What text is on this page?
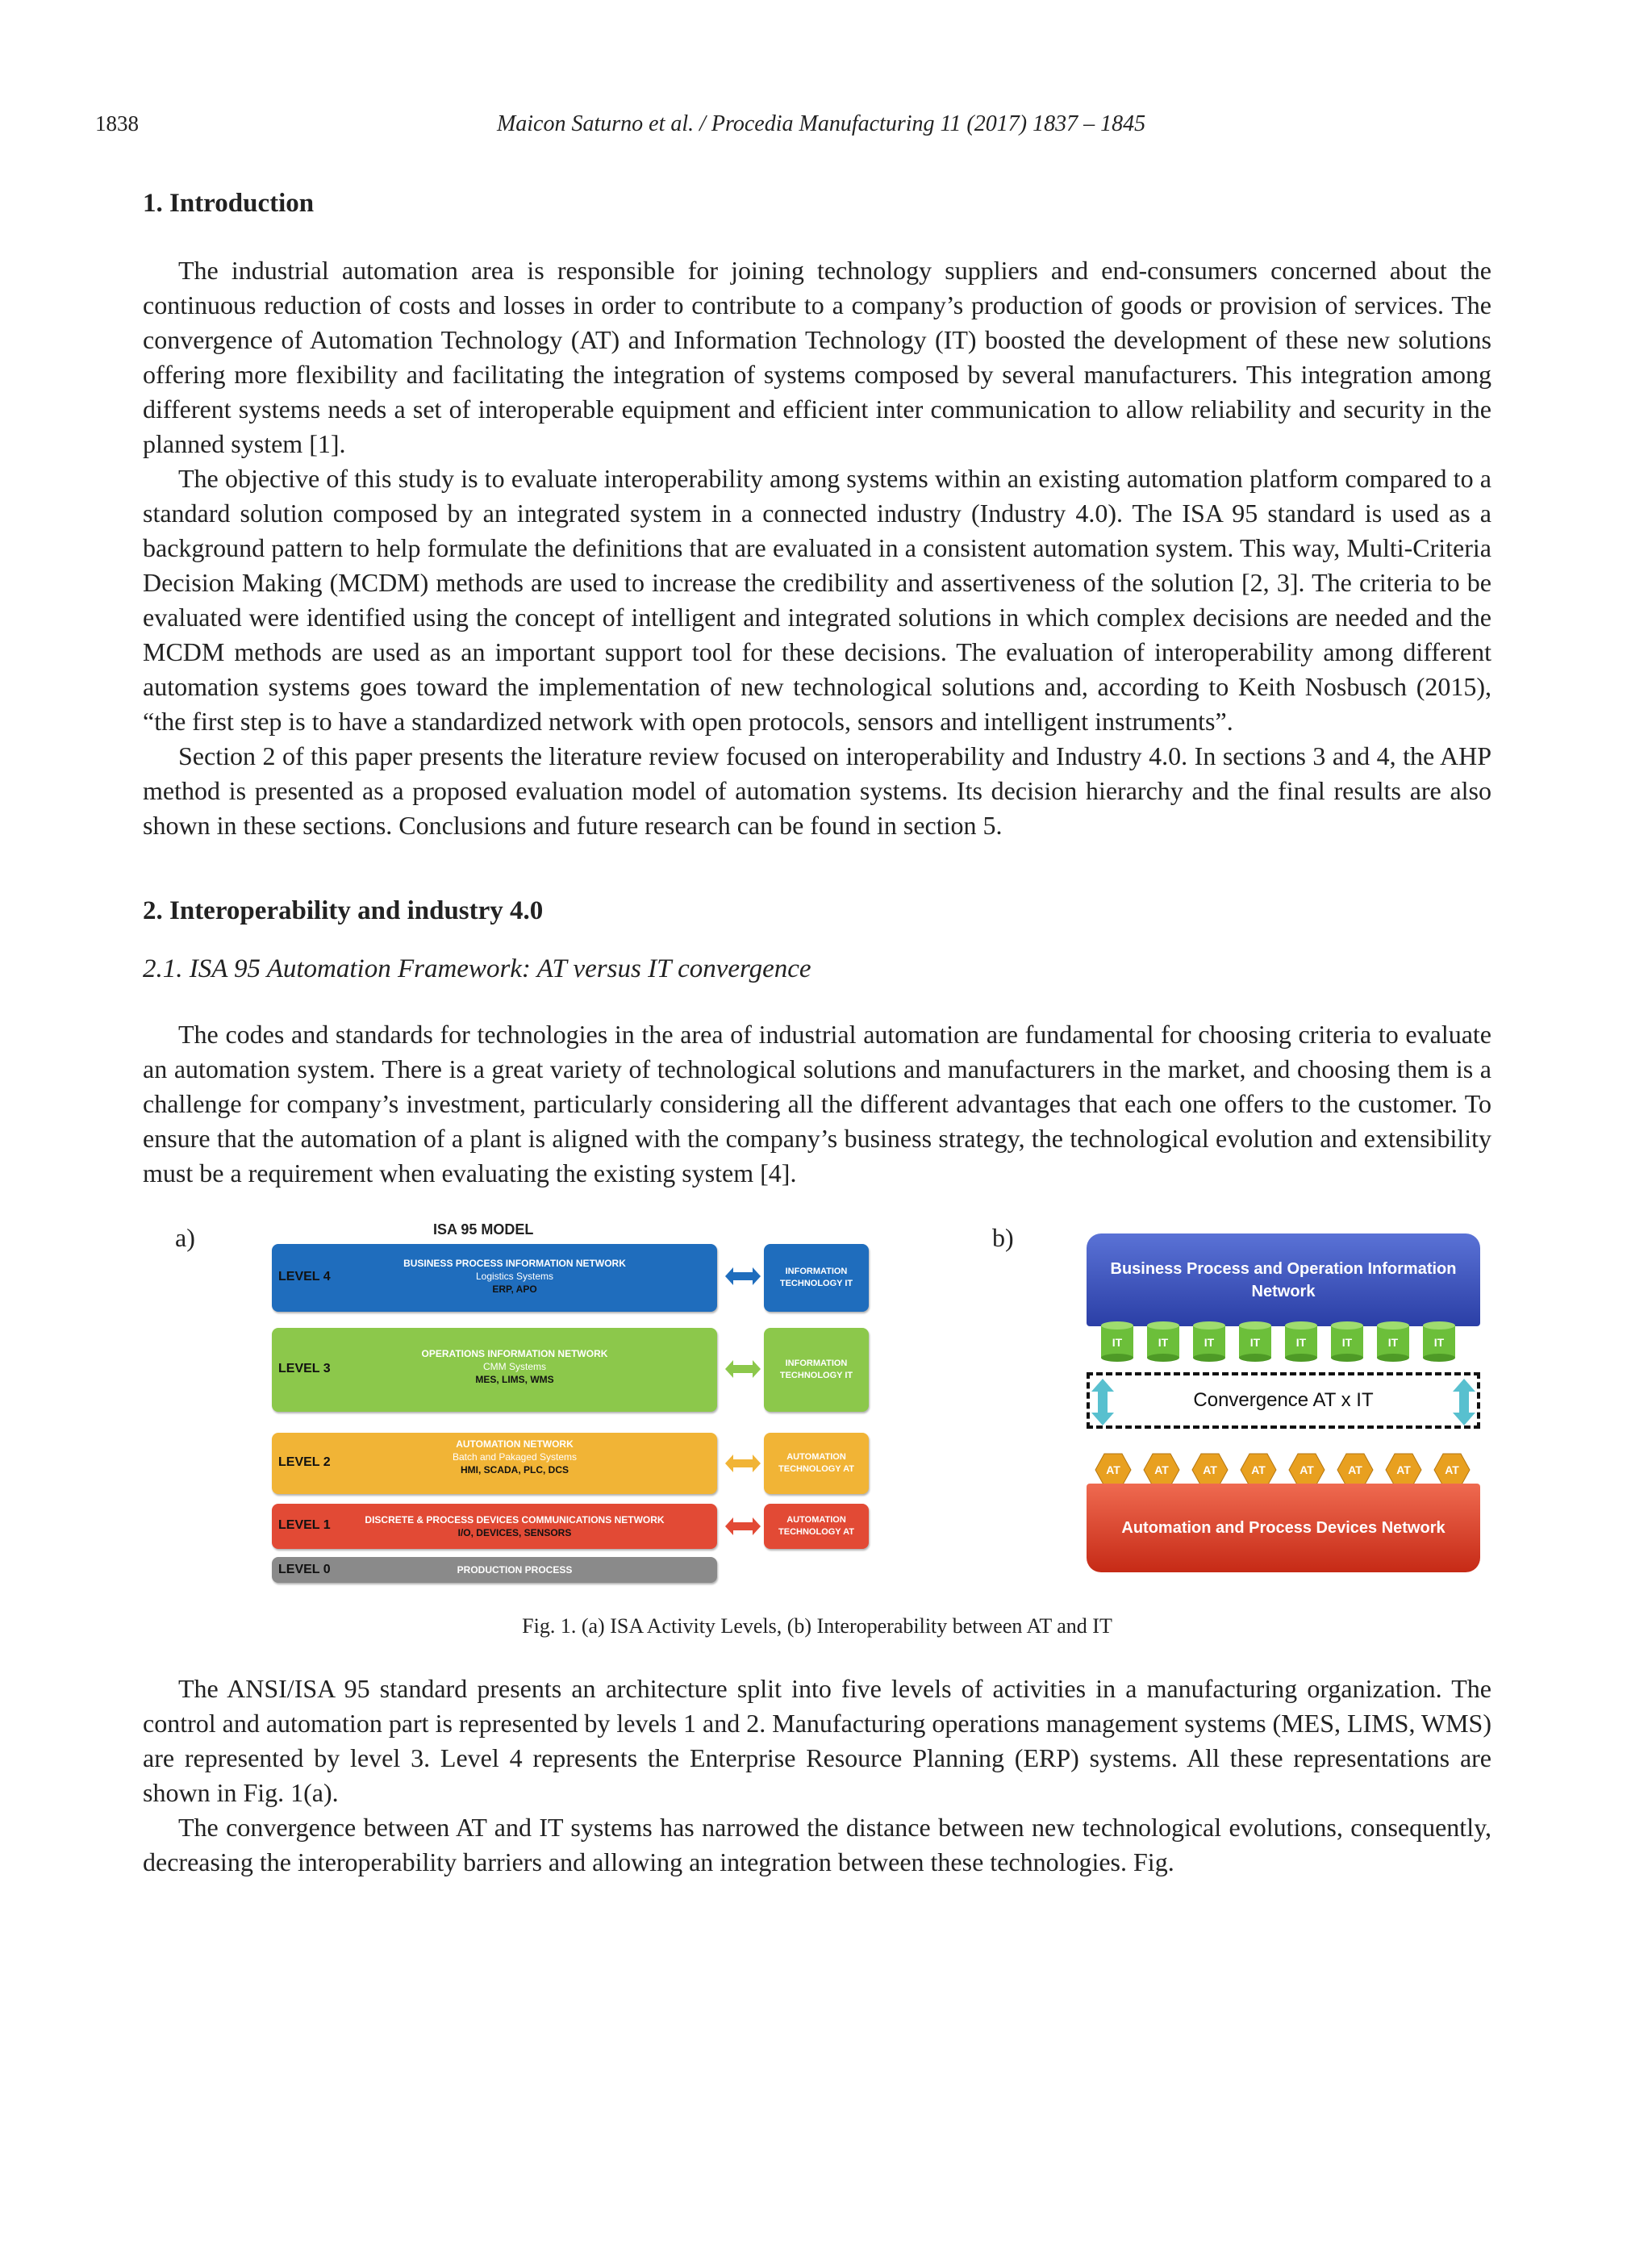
1838	Maicon Saturno et al. / Procedia Manufacturing 11 (2017) 1837 – 1845
1. Introduction

The industrial automation area is responsible for joining technology suppliers and end-consumers concerned about the continuous reduction of costs and losses in order to contribute to a company’s production of goods or provision of services. The convergence of Automation Technology (AT) and Information Technology (IT) boosted the development of these new solutions offering more flexibility and facilitating the integration of systems composed by several manufacturers. This integration among different systems needs a set of interoperable equipment and efficient inter communication to allow reliability and security in the planned system [1].

The objective of this study is to evaluate interoperability among systems within an existing automation platform compared to a standard solution composed by an integrated system in a connected industry (Industry 4.0). The ISA 95 standard is used as a background pattern to help formulate the definitions that are evaluated in a consistent automation system. This way, Multi-Criteria Decision Making (MCDM) methods are used to increase the credibility and assertiveness of the solution [2, 3]. The criteria to be evaluated were identified using the concept of intelligent and integrated solutions in which complex decisions are needed and the MCDM methods are used as an important support tool for these decisions. The evaluation of interoperability among different automation systems goes toward the implementation of new technological solutions and, according to Keith Nosbusch (2015), “the first step is to have a standardized network with open protocols, sensors and intelligent instruments”.

Section 2 of this paper presents the literature review focused on interoperability and Industry 4.0. In sections 3 and 4, the AHP method is presented as a proposed evaluation model of automation systems. Its decision hierarchy and the final results are also shown in these sections. Conclusions and future research can be found in section 5.

2. Interoperability and industry 4.0
2.1. ISA 95 Automation Framework: AT versus IT convergence

The codes and standards for technologies in the area of industrial automation are fundamental for choosing criteria to evaluate an automation system. There is a great variety of technological solutions and manufacturers in the market, and choosing them is a challenge for company’s investment, particularly considering all the different advantages that each one offers to the customer. To ensure that the automation of a plant is aligned with the company’s business strategy, the technological evolution and extensibility must be a requirement when evaluating the existing system [4].

a)	b)
ISA 95 MODEL
LEVEL 4
BUSINESS PROCESS INFORMATION NETWORK
Logistics Systems
ERP, APO
INFORMATION TECHNOLOGY IT
LEVEL 3
OPERATIONS INFORMATION NETWORK
CMM Systems
MES, LIMS, WMS
INFORMATION TECHNOLOGY IT
LEVEL 2
AUTOMATION NETWORK
Batch and Pakaged Systems
HMI, SCADA, PLC, DCS
AUTOMATION TECHNOLOGY AT
LEVEL 1	DISCRETE & PROCESS DEVICES COMMUNICATIONS NETWORK
I/O, DEVICES, SENSORS
AUTOMATION TECHNOLOGY AT
LEVEL 0	PRODUCTION PROCESS
Business Process and Operation Information Network
IT	IT	IT	IT	IT	IT	IT	IT
Convergence AT x IT
AT	AT	AT	AT	AT	AT	AT	AT
Automation and Process Devices Network
Fig. 1. (a) ISA Activity Levels, (b) Interoperability between AT and IT

The ANSI/ISA 95 standard presents an architecture split into five levels of activities in a manufacturing organization. The control and automation part is represented by levels 1 and 2. Manufacturing operations management systems (MES, LIMS, WMS) are represented by level 3. Level 4 represents the Enterprise Resource Planning (ERP) systems. All these representations are shown in Fig. 1(a).

The convergence between AT and IT systems has narrowed the distance between new technological evolutions, consequently, decreasing the interoperability barriers and allowing an integration between these technologies. Fig.
